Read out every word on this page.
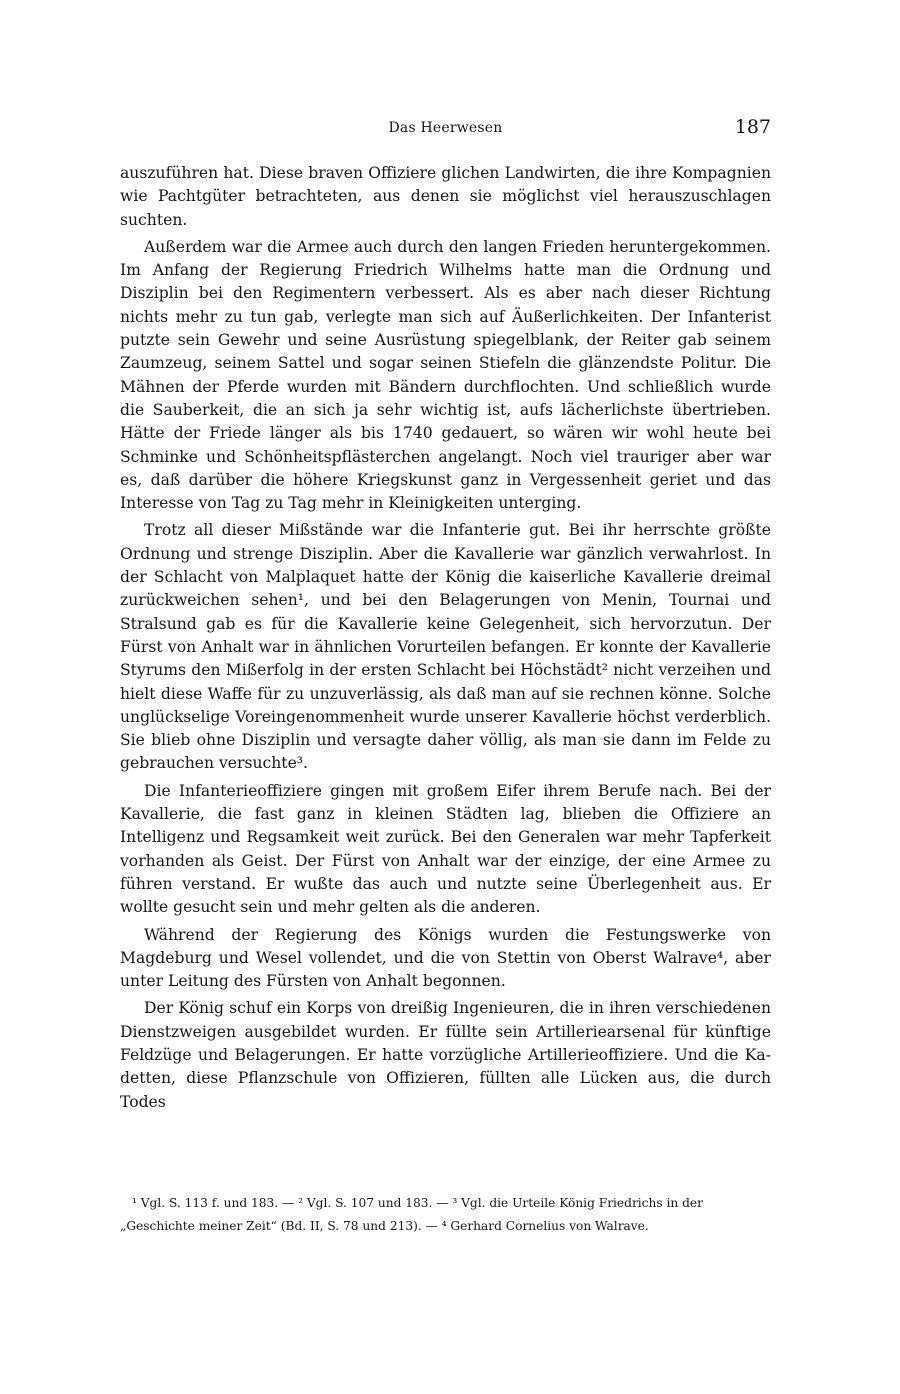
Das Heerwesen	187

auszuführen hat. Diese braven Offiziere glichen Landwirten, die ihre Kompagnien wie Pachtgüter betrachteten, aus denen sie möglichst viel herauszuschlagen suchten.

Außerdem war die Armee auch durch den langen Frieden heruntergekommen. Im Anfang der Regierung Friedrich Wilhelms hatte man die Ordnung und Disziplin bei den Regimentern verbessert. Als es aber nach dieser Richtung nichts mehr zu tun gab, verlegte man sich auf Äußerlichkeiten. Der Infanterist putzte sein Gewehr und seine Ausrüstung spiegelblank, der Reiter gab seinem Zaumzeug, seinem Sattel und sogar seinen Stiefeln die glänzendste Politur. Die Mähnen der Pferde wurden mit Bändern durchflochten. Und schließlich wurde die Sauberkeit, die an sich ja sehr wichtig ist, aufs lächerlichste übertrieben. Hätte der Friede länger als bis 1740 gedauert, so wären wir wohl heute bei Schminke und Schönheitspflästerchen angelangt. Noch viel trauriger aber war es, daß darüber die höhere Kriegskunst ganz in Vergessenheit geriet und das Interesse von Tag zu Tag mehr in Kleinigkeiten unterging.

Trotz all dieser Mißstände war die Infanterie gut. Bei ihr herrschte größte Ordnung und strenge Disziplin. Aber die Kavallerie war gänzlich verwahrlost. In der Schlacht von Malplaquet hatte der König die kaiserliche Kavallerie dreimal zurückweichen sehen¹, und bei den Belagerungen von Menin, Tournai und Stralsund gab es für die Kavallerie keine Gelegenheit, sich hervorzutun. Der Fürst von Anhalt war in ähnlichen Vorurteilen befangen. Er konnte der Kavallerie Styrums den Mißerfolg in der ersten Schlacht bei Höchstädt² nicht verzeihen und hielt diese Waffe für zu unzuverlässig, als daß man auf sie rechnen könne. Solche unglückselige Voreingenommenheit wurde unserer Kavallerie höchst verderblich. Sie blieb ohne Disziplin und versagte daher völlig, als man sie dann im Felde zu gebrauchen versuchte³.

Die Infanterieoffiziere gingen mit großem Eifer ihrem Berufe nach. Bei der Kavallerie, die fast ganz in kleinen Städten lag, blieben die Offiziere an Intelligenz und Regsamkeit weit zurück. Bei den Generalen war mehr Tapferkeit vorhanden als Geist. Der Fürst von Anhalt war der einzige, der eine Armee zu führen verstand. Er wußte das auch und nutzte seine Überlegenheit aus. Er wollte gesucht sein und mehr gelten als die anderen.

Während der Regierung des Königs wurden die Festungswerke von Magdeburg und Wesel vollendet, und die von Stettin von Oberst Walrave⁴, aber unter Leitung des Fürsten von Anhalt begonnen.

Der König schuf ein Korps von dreißig Ingenieuren, die in ihren verschiedenen Dienstzweigen ausgebildet wurden. Er füllte sein Artilleriearsenal für künftige Feldzüge und Belagerungen. Er hatte vorzügliche Artillerieoffiziere. Und die Kadetten, diese Pflanzschule von Offizieren, füllten alle Lücken aus, die durch Todes

¹ Vgl. S. 113 f. und 183. — ² Vgl. S. 107 und 183. — ³ Vgl. die Urteile König Friedrichs in der

„Geschichte meiner Zeit“ (Bd. II, S. 78 und 213). — ⁴ Gerhard Cornelius von Walrave.
